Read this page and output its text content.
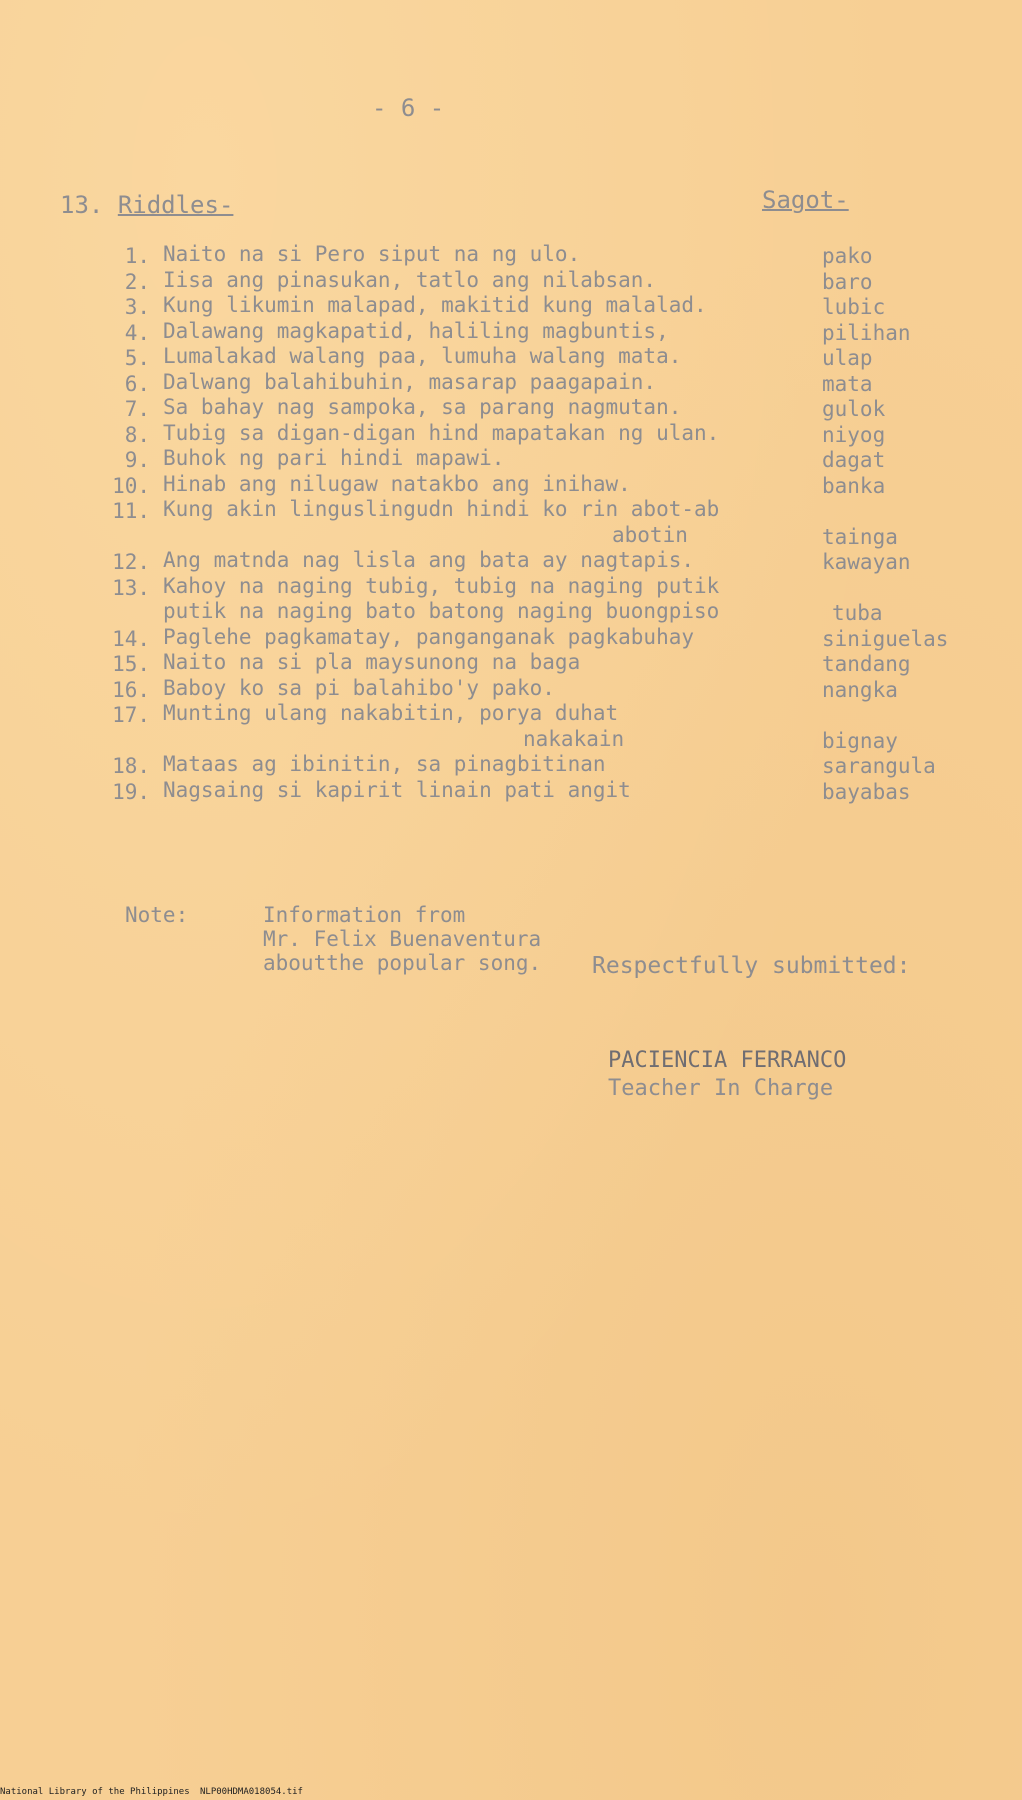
- 6 -
13. Riddles-	Sagot-
1. Naito na si Pero siput na ng ulo.	pako
2. Iisa ang pinasukan, tatlo ang nilabsan.	baro
3. Kung likumin malapad, makitid kung malalad.	lubic
4. Dalawang magkapatid, haliling magbuntis,	pilihan
5. Lumalakad walang paa, lumuha walang mata.	ulap
6. Dalwang balahibuhin, masarap paagapain.	mata
7. Sa bahay nag sampoka, sa parang nagmutan.	gulok
8. Tubig sa digan-digan hind mapatakan ng ulan.	niyog
9. Buhok ng pari hindi mapawi.	dagat
10. Hinab ang nilugaw natakbo ang inihaw.	banka
11. Kung akin linguslingudn hindi ko rin abot-ab
abotin	tainga
12. Ang matnda nag lisla ang bata ay nagtapis.	kawayan
13. Kahoy na naging tubig, tubig na naging putik
putik na naging bato batong naging buongpiso	tuba
14. Paglehe pagkamatay, panganganak pagkabuhay	siniguelas
15. Naito na si pla maysunong na baga	tandang
16. Baboy ko sa pi balahibo'y pako.	nangka
17. Munting ulang nakabitin, porya duhat
nakakain	bignay
18. Mataas ag ibinitin, sa pinagbitinan	sarangula
19. Nagsaing si kapirit linain pati angit	bayabas
Note:	Information from
Mr. Felix Buenaventura
aboutthe popular song. Respectfully submitted:
PACIENCIA FERRANCO
Teacher In Charge
National Library of the Philippines NLP00HDMA018054.tif
